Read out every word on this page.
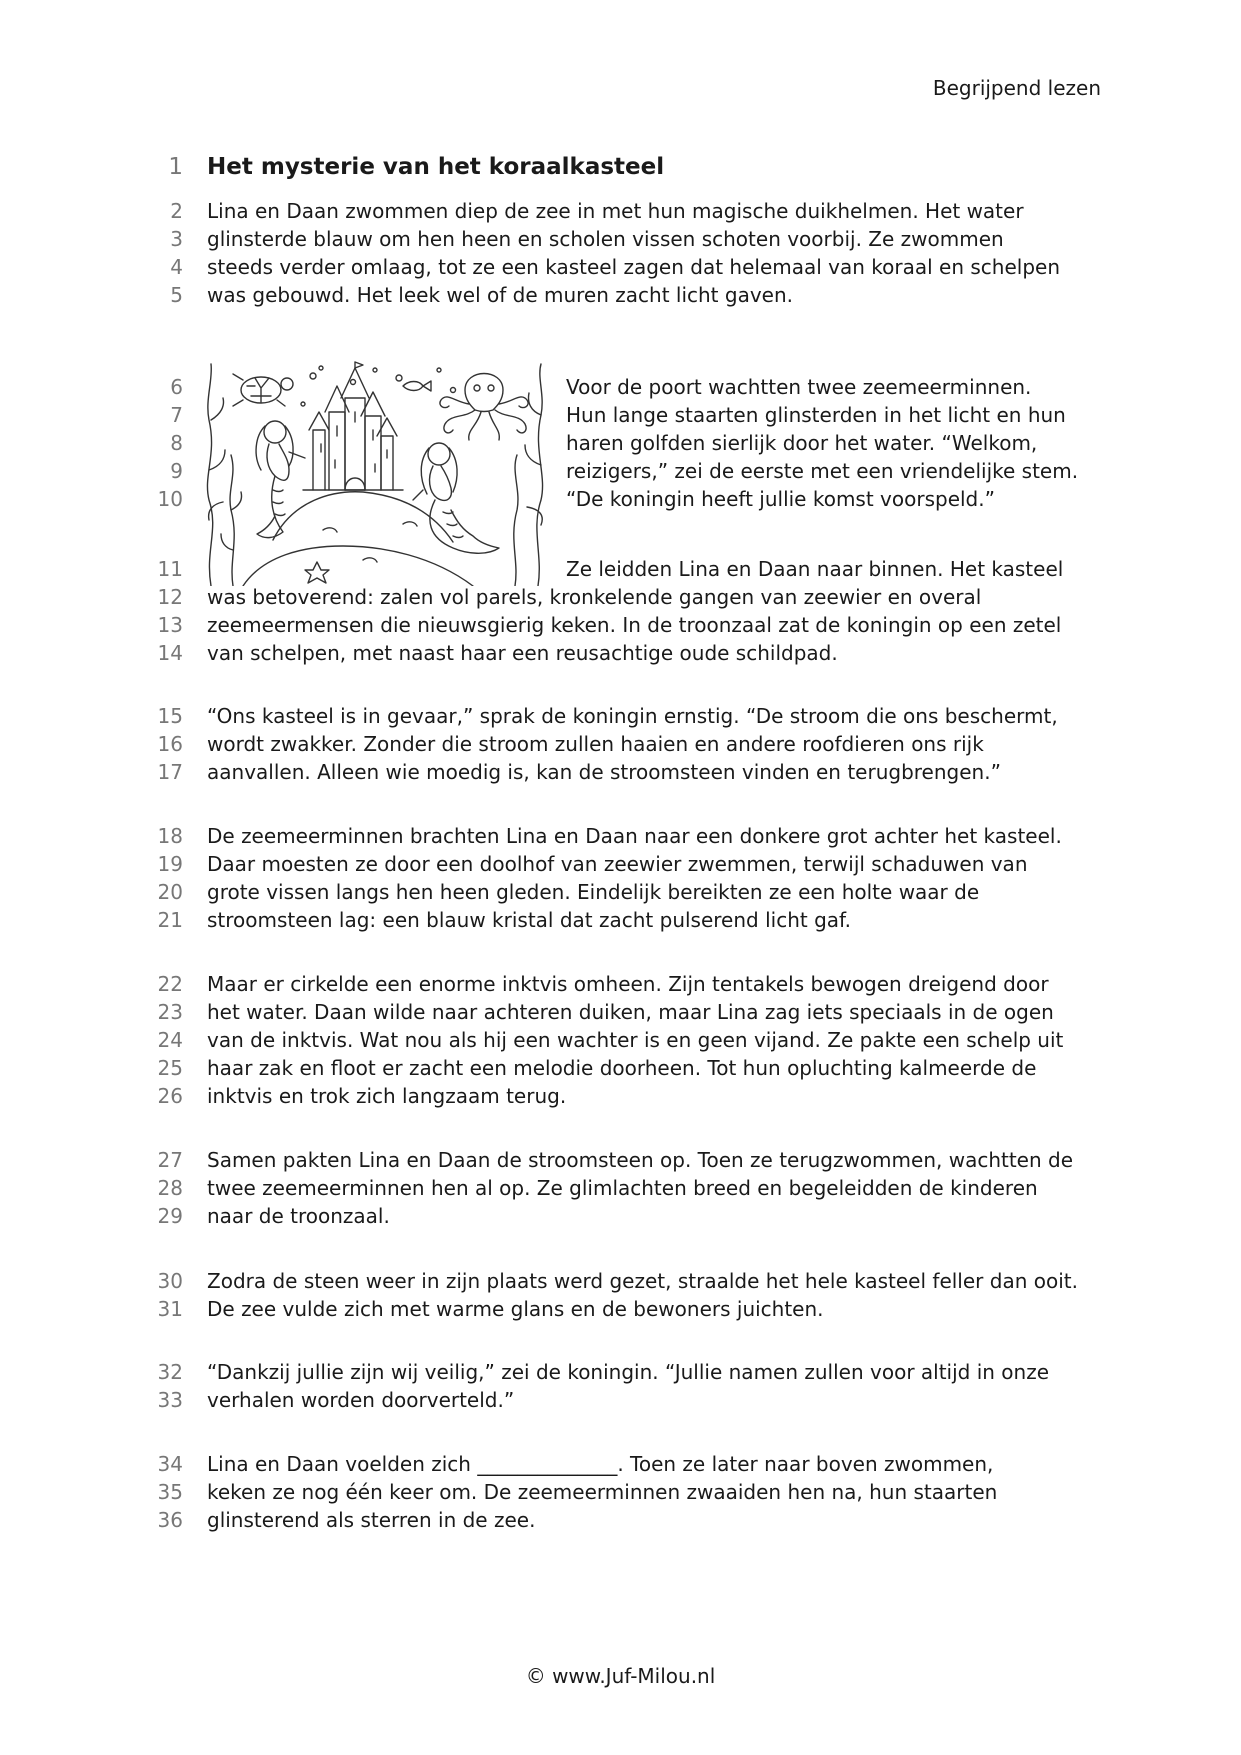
Begrijpend lezen
1
2
3
4
5
6
7
8
9
10
11
12
13
14
15
16
17
18
19
20
21
22
23
24
25
26
27
28
29
30
31
32
33
34
35
36
Het mysterie van het koraalkasteel
Lina en Daan zwommen diep de zee in met hun magische duikhelmen. Het water
glinsterde blauw om hen heen en scholen vissen schoten voorbij. Ze zwommen
steeds verder omlaag, tot ze een kasteel zagen dat helemaal van koraal en schelpen
was gebouwd. Het leek wel of de muren zacht licht gaven.
Voor de poort wachtten twee zeemeerminnen.
Hun lange staarten glinsterden in het licht en hun
haren golfden sierlijk door het water. “Welkom,
reizigers,” zei de eerste met een vriendelijke stem.
“De koningin heeft jullie komst voorspeld.”
Ze leidden Lina en Daan naar binnen. Het kasteel
was betoverend: zalen vol parels, kronkelende gangen van zeewier en overal
zeemeermensen die nieuwsgierig keken. In de troonzaal zat de koningin op een zetel
van schelpen, met naast haar een reusachtige oude schildpad.
“Ons kasteel is in gevaar,” sprak de koningin ernstig. “De stroom die ons beschermt,
wordt zwakker. Zonder die stroom zullen haaien en andere roofdieren ons rijk
aanvallen. Alleen wie moedig is, kan de stroomsteen vinden en terugbrengen.”
De zeemeerminnen brachten Lina en Daan naar een donkere grot achter het kasteel.
Daar moesten ze door een doolhof van zeewier zwemmen, terwijl schaduwen van
grote vissen langs hen heen gleden. Eindelijk bereikten ze een holte waar de
stroomsteen lag: een blauw kristal dat zacht pulserend licht gaf.
Maar er cirkelde een enorme inktvis omheen. Zijn tentakels bewogen dreigend door
het water. Daan wilde naar achteren duiken, maar Lina zag iets speciaals in de ogen
van de inktvis. Wat nou als hij een wachter is en geen vijand. Ze pakte een schelp uit
haar zak en floot er zacht een melodie doorheen. Tot hun opluchting kalmeerde de
inktvis en trok zich langzaam terug.
Samen pakten Lina en Daan de stroomsteen op. Toen ze terugzwommen, wachtten de
twee zeemeerminnen hen al op. Ze glimlachten breed en begeleidden de kinderen
naar de troonzaal.
Zodra de steen weer in zijn plaats werd gezet, straalde het hele kasteel feller dan ooit.
De zee vulde zich met warme glans en de bewoners juichten.
“Dankzij jullie zijn wij veilig,” zei de koningin. “Jullie namen zullen voor altijd in onze
verhalen worden doorverteld.”
Lina en Daan voelden zich ______________. Toen ze later naar boven zwommen,
keken ze nog één keer om. De zeemeerminnen zwaaiden hen na, hun staarten
glinsterend als sterren in de zee.
© www.Juf-Milou.nl
